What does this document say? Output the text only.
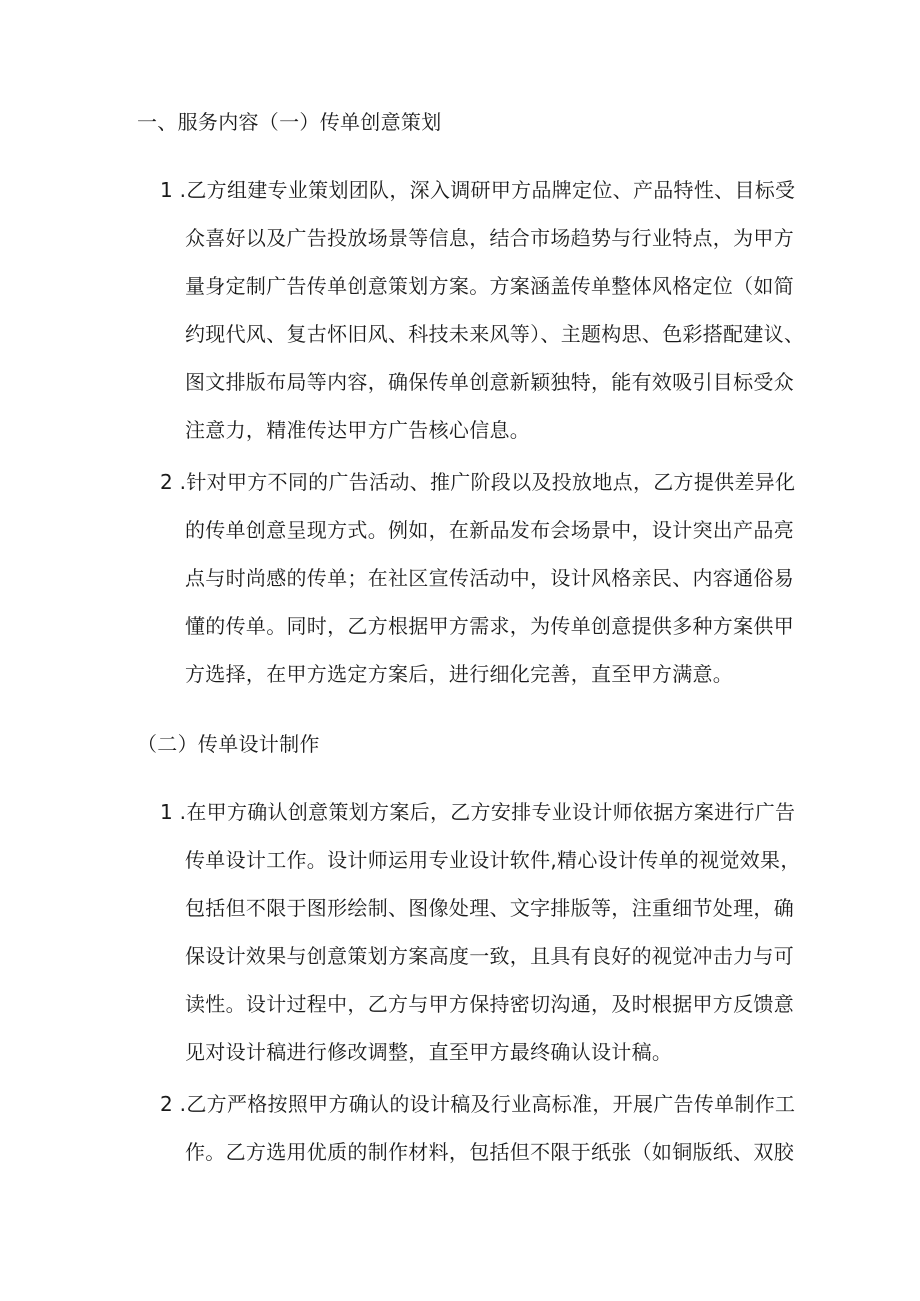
一、服务内容（一）传单创意策划
1 .乙方组建专业策划团队，深入调研甲方品牌定位、产品特性、目标受
众喜好以及广告投放场景等信息，结合市场趋势与行业特点，为甲方
量身定制广告传单创意策划方案。方案涵盖传单整体风格定位（如简
约现代风、复古怀旧风、科技未来风等）、主题构思、色彩搭配建议、
图文排版布局等内容，确保传单创意新颖独特，能有效吸引目标受众
注意力，精准传达甲方广告核心信息。
2 .针对甲方不同的广告活动、推广阶段以及投放地点，乙方提供差异化
的传单创意呈现方式。例如，在新品发布会场景中，设计突出产品亮
点与时尚感的传单；在社区宣传活动中，设计风格亲民、内容通俗易
懂的传单。同时，乙方根据甲方需求，为传单创意提供多种方案供甲
方选择，在甲方选定方案后，进行细化完善，直至甲方满意。
（二）传单设计制作
1 .在甲方确认创意策划方案后，乙方安排专业设计师依据方案进行广告
传单设计工作。设计师运用专业设计软件,精心设计传单的视觉效果，
包括但不限于图形绘制、图像处理、文字排版等，注重细节处理，确
保设计效果与创意策划方案高度一致，且具有良好的视觉冲击力与可
读性。设计过程中，乙方与甲方保持密切沟通，及时根据甲方反馈意
见对设计稿进行修改调整，直至甲方最终确认设计稿。
2 .乙方严格按照甲方确认的设计稿及行业高标准，开展广告传单制作工
作。乙方选用优质的制作材料，包括但不限于纸张（如铜版纸、双胶
